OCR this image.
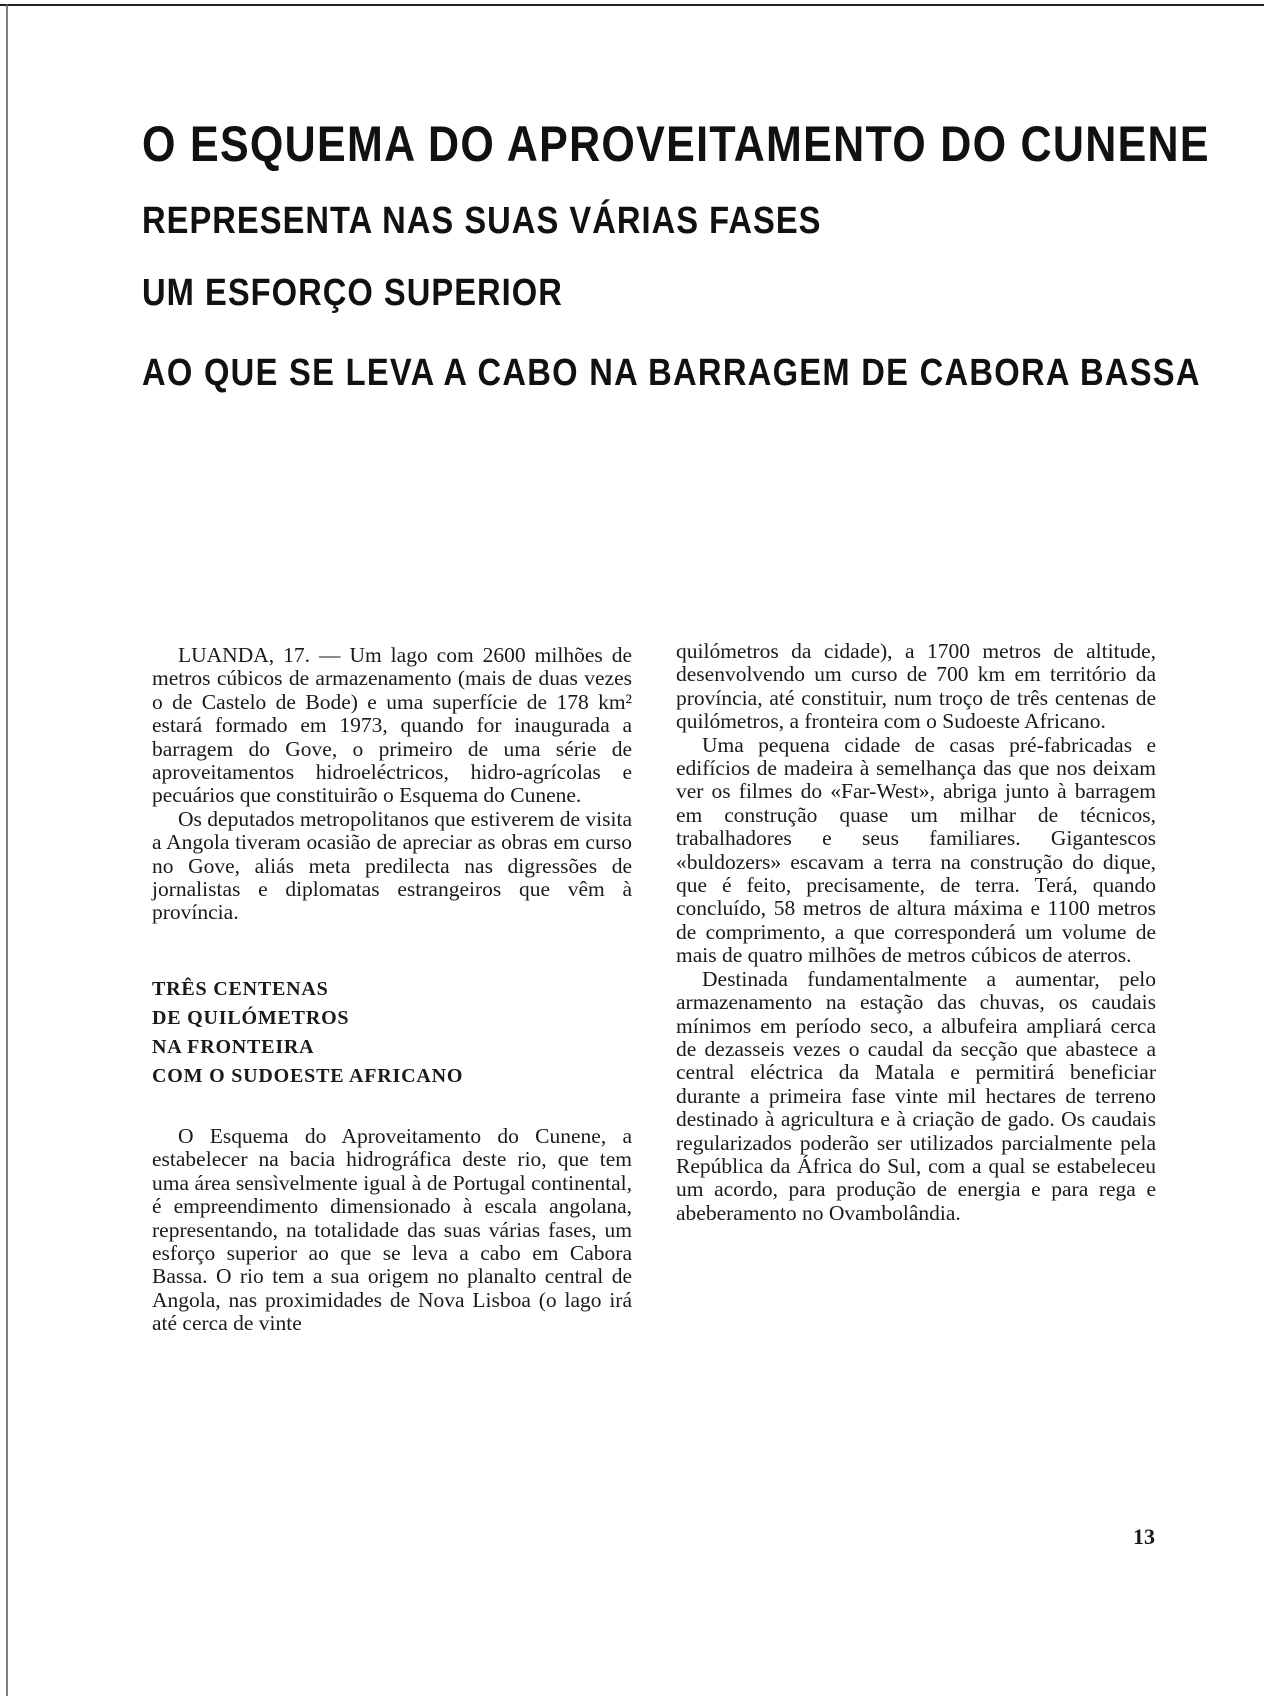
O ESQUEMA DO APROVEITAMENTO DO CUNENE
REPRESENTA NAS SUAS VÁRIAS FASES
UM ESFORÇO SUPERIOR
AO QUE SE LEVA A CABO NA BARRAGEM DE CABORA BASSA

LUANDA, 17. — Um lago com 2600 milhões de metros cúbicos de armazenamento (mais de duas vezes o de Castelo de Bode) e uma superfície de 178 km² estará formado em 1973, quando for inaugurada a barragem do Gove, o primeiro de uma série de aproveitamentos hidroeléctricos, hidro-agrícolas e pecuários que constituirão o Esquema do Cunene.

Os deputados metropolitanos que estiverem de visita a Angola tiveram ocasião de apreciar as obras em curso no Gove, aliás meta predilecta nas digressões de jornalistas e diplomatas estrangeiros que vêm à província.

TRÊS CENTENAS
DE QUILÓMETROS
NA FRONTEIRA
COM O SUDOESTE AFRICANO

O Esquema do Aproveitamento do Cunene, a estabelecer na bacia hidrográfica deste rio, que tem uma área sensìvelmente igual à de Portugal continental, é empreendimento dimensionado à escala angolana, representando, na totalidade das suas várias fases, um esforço superior ao que se leva a cabo em Cabora Bassa. O rio tem a sua origem no planalto central de Angola, nas proximidades de Nova Lisboa (o lago irá até cerca de vinte

quilómetros da cidade), a 1700 metros de altitude, desenvolvendo um curso de 700 km em território da província, até constituir, num troço de três centenas de quilómetros, a fronteira com o Sudoeste Africano.

Uma pequena cidade de casas pré-fabricadas e edifícios de madeira à semelhança das que nos deixam ver os filmes do «Far-West», abriga junto à barragem em construção quase um milhar de técnicos, trabalhadores e seus familiares. Gigantescos «buldozers» escavam a terra na construção do dique, que é feito, precisamente, de terra. Terá, quando concluído, 58 metros de altura máxima e 1100 metros de comprimento, a que corresponderá um volume de mais de quatro milhões de metros cúbicos de aterros.

Destinada fundamentalmente a aumentar, pelo armazenamento na estação das chuvas, os caudais mínimos em período seco, a albufeira ampliará cerca de dezasseis vezes o caudal da secção que abastece a central eléctrica da Matala e permitirá beneficiar durante a primeira fase vinte mil hectares de terreno destinado à agricultura e à criação de gado. Os caudais regularizados poderão ser utilizados parcialmente pela República da África do Sul, com a qual se estabeleceu um acordo, para produção de energia e para rega e abeberamento no Ovambolândia.

13
